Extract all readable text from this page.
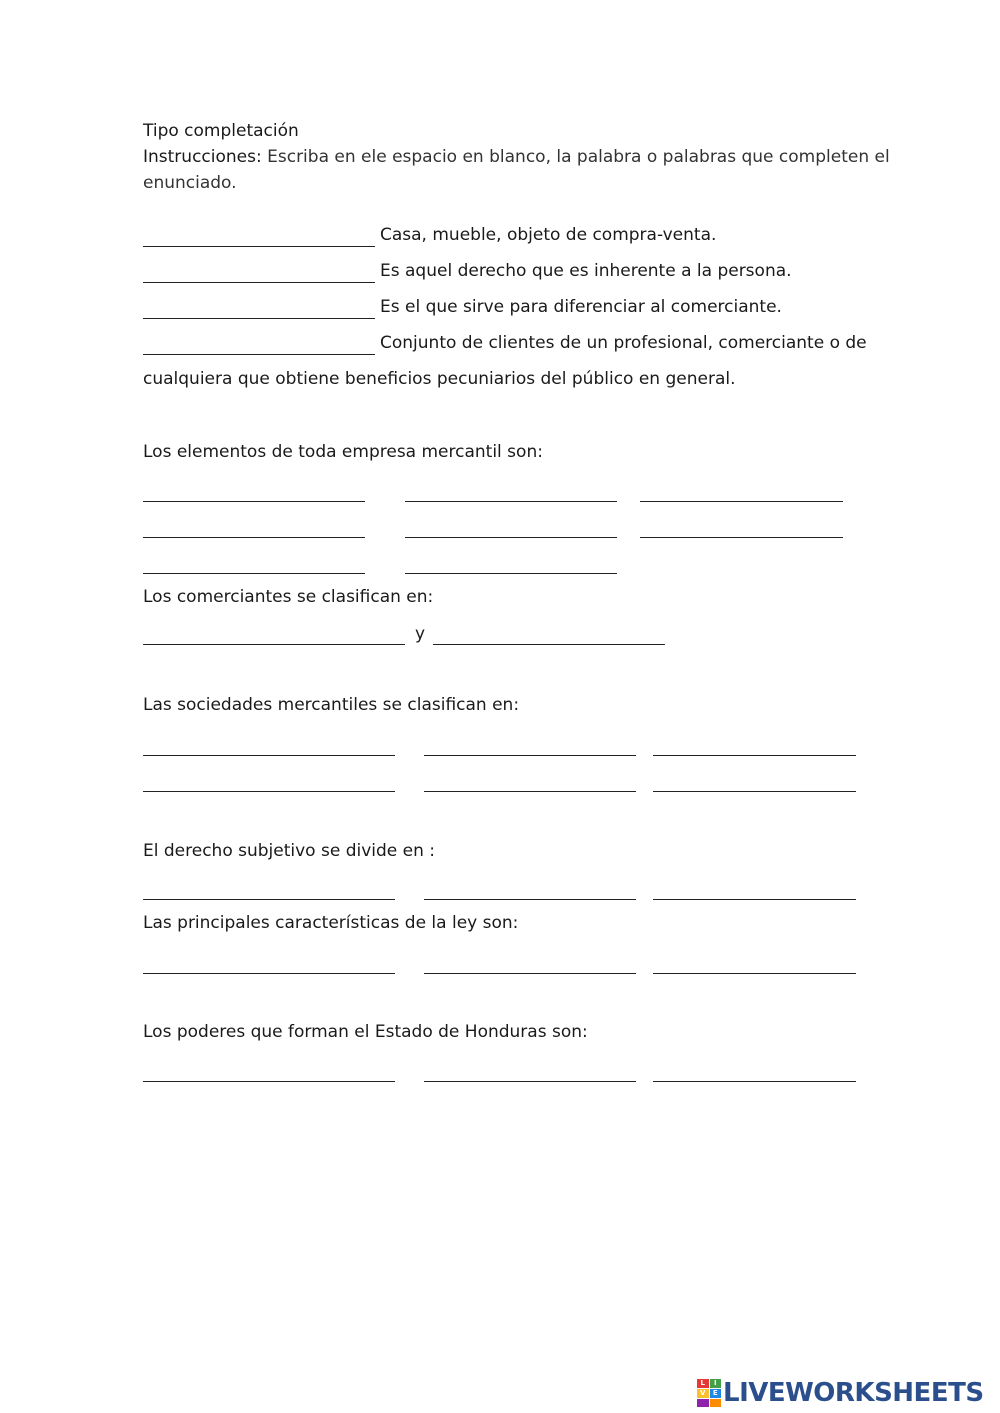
Tipo completación
Instrucciones: Escriba en ele espacio en blanco, la palabra o palabras que completen el
enunciado.
Casa, mueble, objeto de compra-venta.
Es aquel derecho que es inherente a la persona.
Es el que sirve para diferenciar al comerciante.
Conjunto de clientes de un profesional, comerciante o de
cualquiera que obtiene beneficios pecuniarios del público en general.
Los elementos de toda empresa mercantil son:
Los comerciantes se clasifican en:
y
Las sociedades mercantiles se clasifican en:
El derecho subjetivo se divide en :
Las principales características de la ley son:
Los poderes que forman el Estado de Honduras son:
L	I
V	E LIVEWORKSHEETS
